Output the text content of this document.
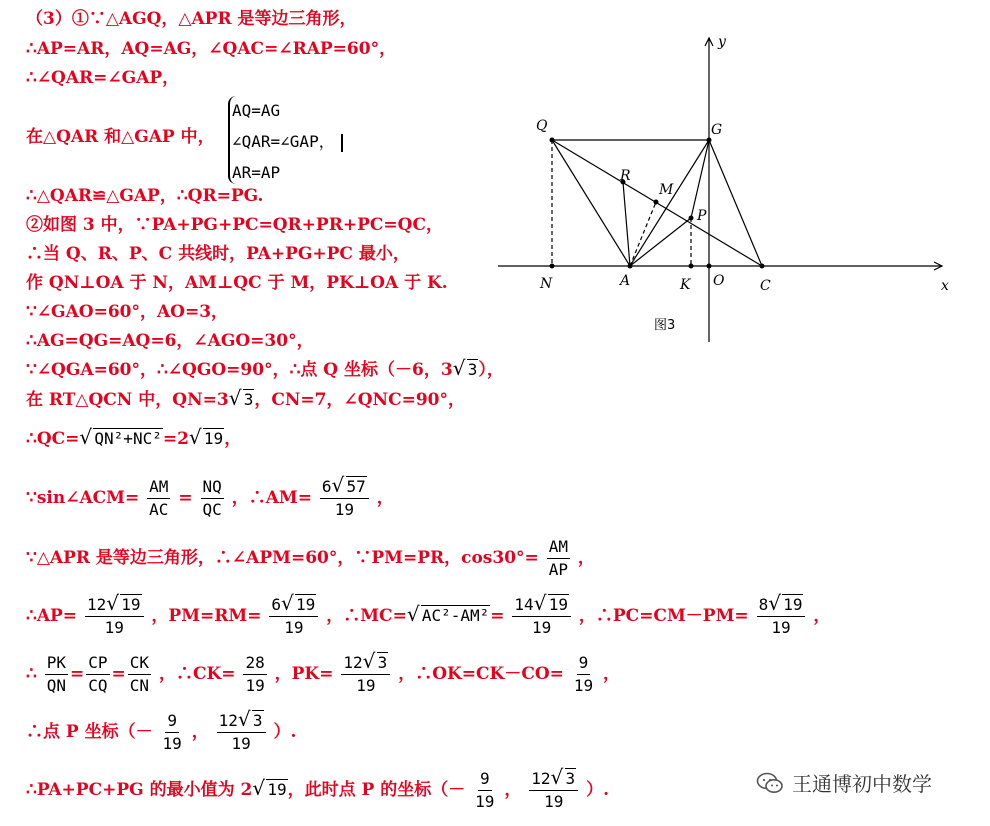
（3）①∵△AGQ，△APR 是等边三角形，
∴AP=AR，AQ=AG，∠QAC=∠RAP=60°，
∴∠QAR=∠GAP，
在△QAR 和△GAP 中，
AQ=AG
∠QAR=∠GAP，
AR=AP
∴△QAR≌△GAP，∴QR=PG.
②如图 3 中，∵PA+PG+PC=QR+PR+PC=QC，
∴当 Q、R、P、C 共线时，PA+PG+PC 最小，
作 QN⊥OA 于 N，AM⊥QC 于 M，PK⊥OA 于 K.
∵∠GAO=60°，AO=3，
∴AG=QG=AQ=6，∠AGO=30°，
∵∠QGA=60°，∴∠QGO=90°，∴点 Q 坐标（－6，3 √ 3），
在 RT△QCN 中，QN=3 √ 3，CN=7，∠QNC=90°，
∴QC= √ QN²+NC²=2 √ 19，
∵sin∠ACM= $\frac{AM}{AC} = \frac{NQ}{QC}$ ，∴AM= $\frac{6 √ 57}{19}$ ，
∵△APR 是等边三角形，∴∠APM=60°，∵PM=PR，$\cos 30^\circ= \frac{AM}{AP}$ ，
∴AP= $\frac{12 √ 19}{19}$ ，$PM=RM= \frac{6 √ 19}{19}$ ，∴MC= √ $AC^2-AM^2= \frac{14 √ 19}{19}$ ，∴PC=CM－PM= $\frac{8 √ 19}{19}$ ，
∴ $\frac{PK}{QN} = \frac{CP}{CQ} = \frac{CK}{CN}$ ，∴CK= $\frac{28}{19}$ ，$PK= \frac{12 √ 3}{19}$ ，∴OK=CK－CO= $\frac{9}{19}$ ，
∴点 P 坐标（－ $\frac{9}{19}$ ， $\frac{12 √ 3}{19}$ ）.
∴PA+PC+PG 的最小值为 2 √ 19，此时点 P 的坐标（－ $\frac{9}{19}$ ， $\frac{12 √ 3}{19}$ ）.
Q	G
R
M
P
N	A	K O	C	x
y
图3
王通博初中数学
